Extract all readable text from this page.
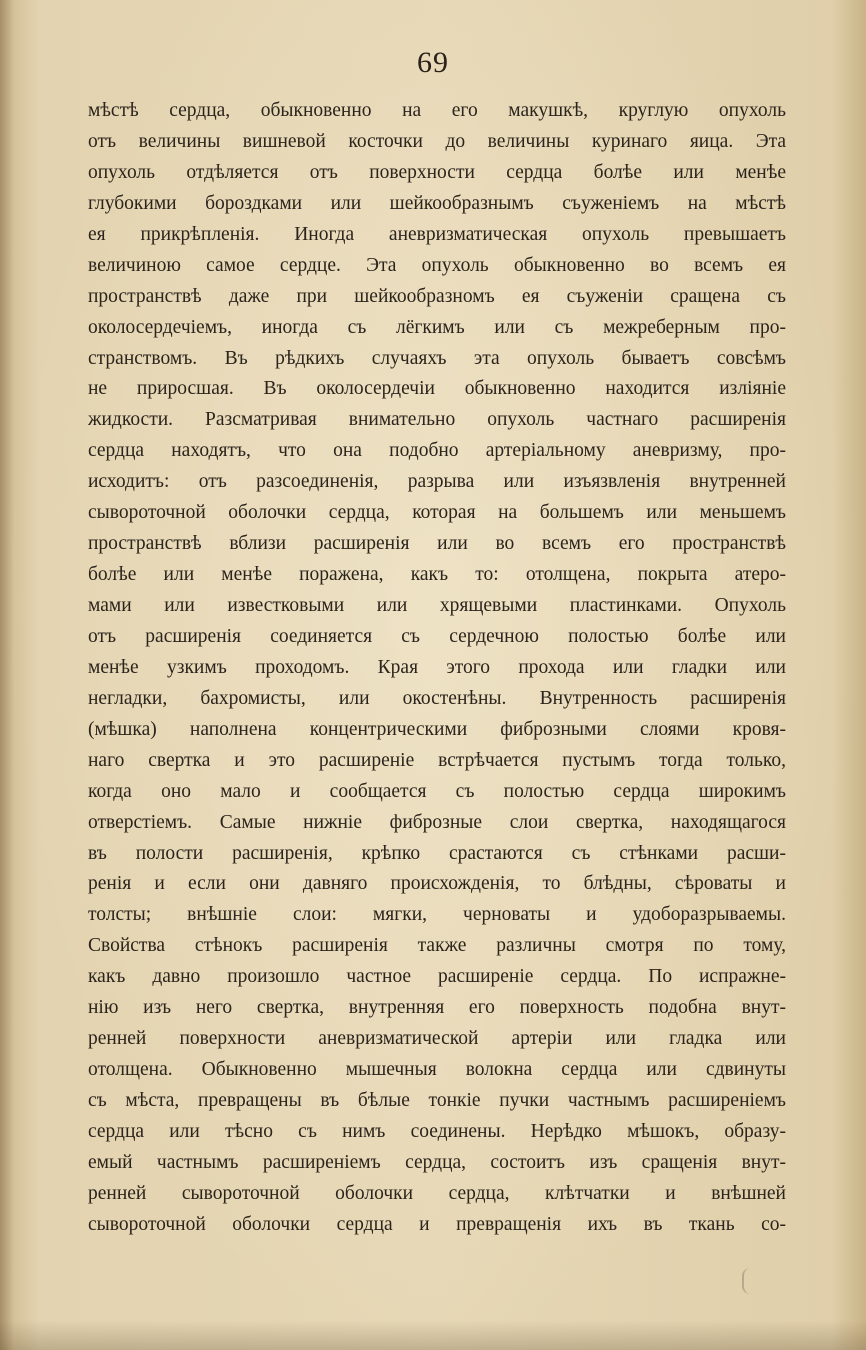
69
мѣстѣ сердца, обыкновенно на его макушкѣ, круглую опухоль
отъ величины вишневой косточки до величины куринаго яица. Эта
опухоль отдѣляется отъ поверхности сердца болѣе или менѣе
глубокими бороздками или шейкообразнымъ съуженіемъ на мѣстѣ
ея прикрѣпленія. Иногда аневризматическая опухоль превышаетъ
величиною самое сердце. Эта опухоль обыкновенно во всемъ ея
пространствѣ даже при шейкообразномъ ея съуженіи сращена съ
околосердечіемъ, иногда съ лёгкимъ или съ межреберным про-
странствомъ. Въ рѣдкихъ случаяхъ эта опухоль бываетъ совсѣмъ
не приросшая. Въ околосердечіи обыкновенно находится изліяніе
жидкости. Разсматривая внимательно опухоль частнаго расширенія
сердца находятъ, что она подобно артеріальному аневризму, про-
исходитъ: отъ разсоединенія, разрыва или изъязвленія внутренней
сывороточной оболочки сердца, которая на большемъ или меньшемъ
пространствѣ вблизи расширенія или во всемъ его пространствѣ
болѣе или менѣе поражена, какъ то: отолщена, покрыта атеро-
мами или известковыми или хрящевыми пластинками. Опухоль
отъ расширенія соединяется съ сердечною полостью болѣе или
менѣе узкимъ проходомъ. Края этого прохода или гладки или
негладки, бахромисты, или окостенѣны. Внутренность расширенія
(мѣшка) наполнена концентрическими фиброзными слоями кровя-
наго свертка и это расширеніе встрѣчается пустымъ тогда только,
когда оно мало и сообщается съ полостью сердца широкимъ
отверстіемъ. Самые нижніе фиброзные слои свертка, находящагося
въ полости расширенія, крѣпко срастаются съ стѣнками расши-
ренія и если они давняго происхожденія, то блѣдны, сѣроваты и
толсты; внѣшніе слои: мягки, черноваты и удоборазрываемы.
Свойства стѣнокъ расширенія также различны смотря по тому,
какъ давно произошло частное расширеніе сердца. По испражне-
нію изъ него свертка, внутренняя его поверхность подобна внут-
ренней поверхности аневризматической артеріи или гладка или
отолщена. Обыкновенно мышечныя волокна сердца или сдвинуты
съ мѣста, превращены въ бѣлые тонкіе пучки частнымъ расширеніемъ
сердца или тѣсно съ нимъ соединены. Нерѣдко мѣшокъ, образу-
емый частнымъ расширеніемъ сердца, состоитъ изъ сращенія внут-
ренней сывороточной оболочки сердца, клѣтчатки и внѣшней
сывороточной оболочки сердца и превращенія ихъ въ ткань со-
